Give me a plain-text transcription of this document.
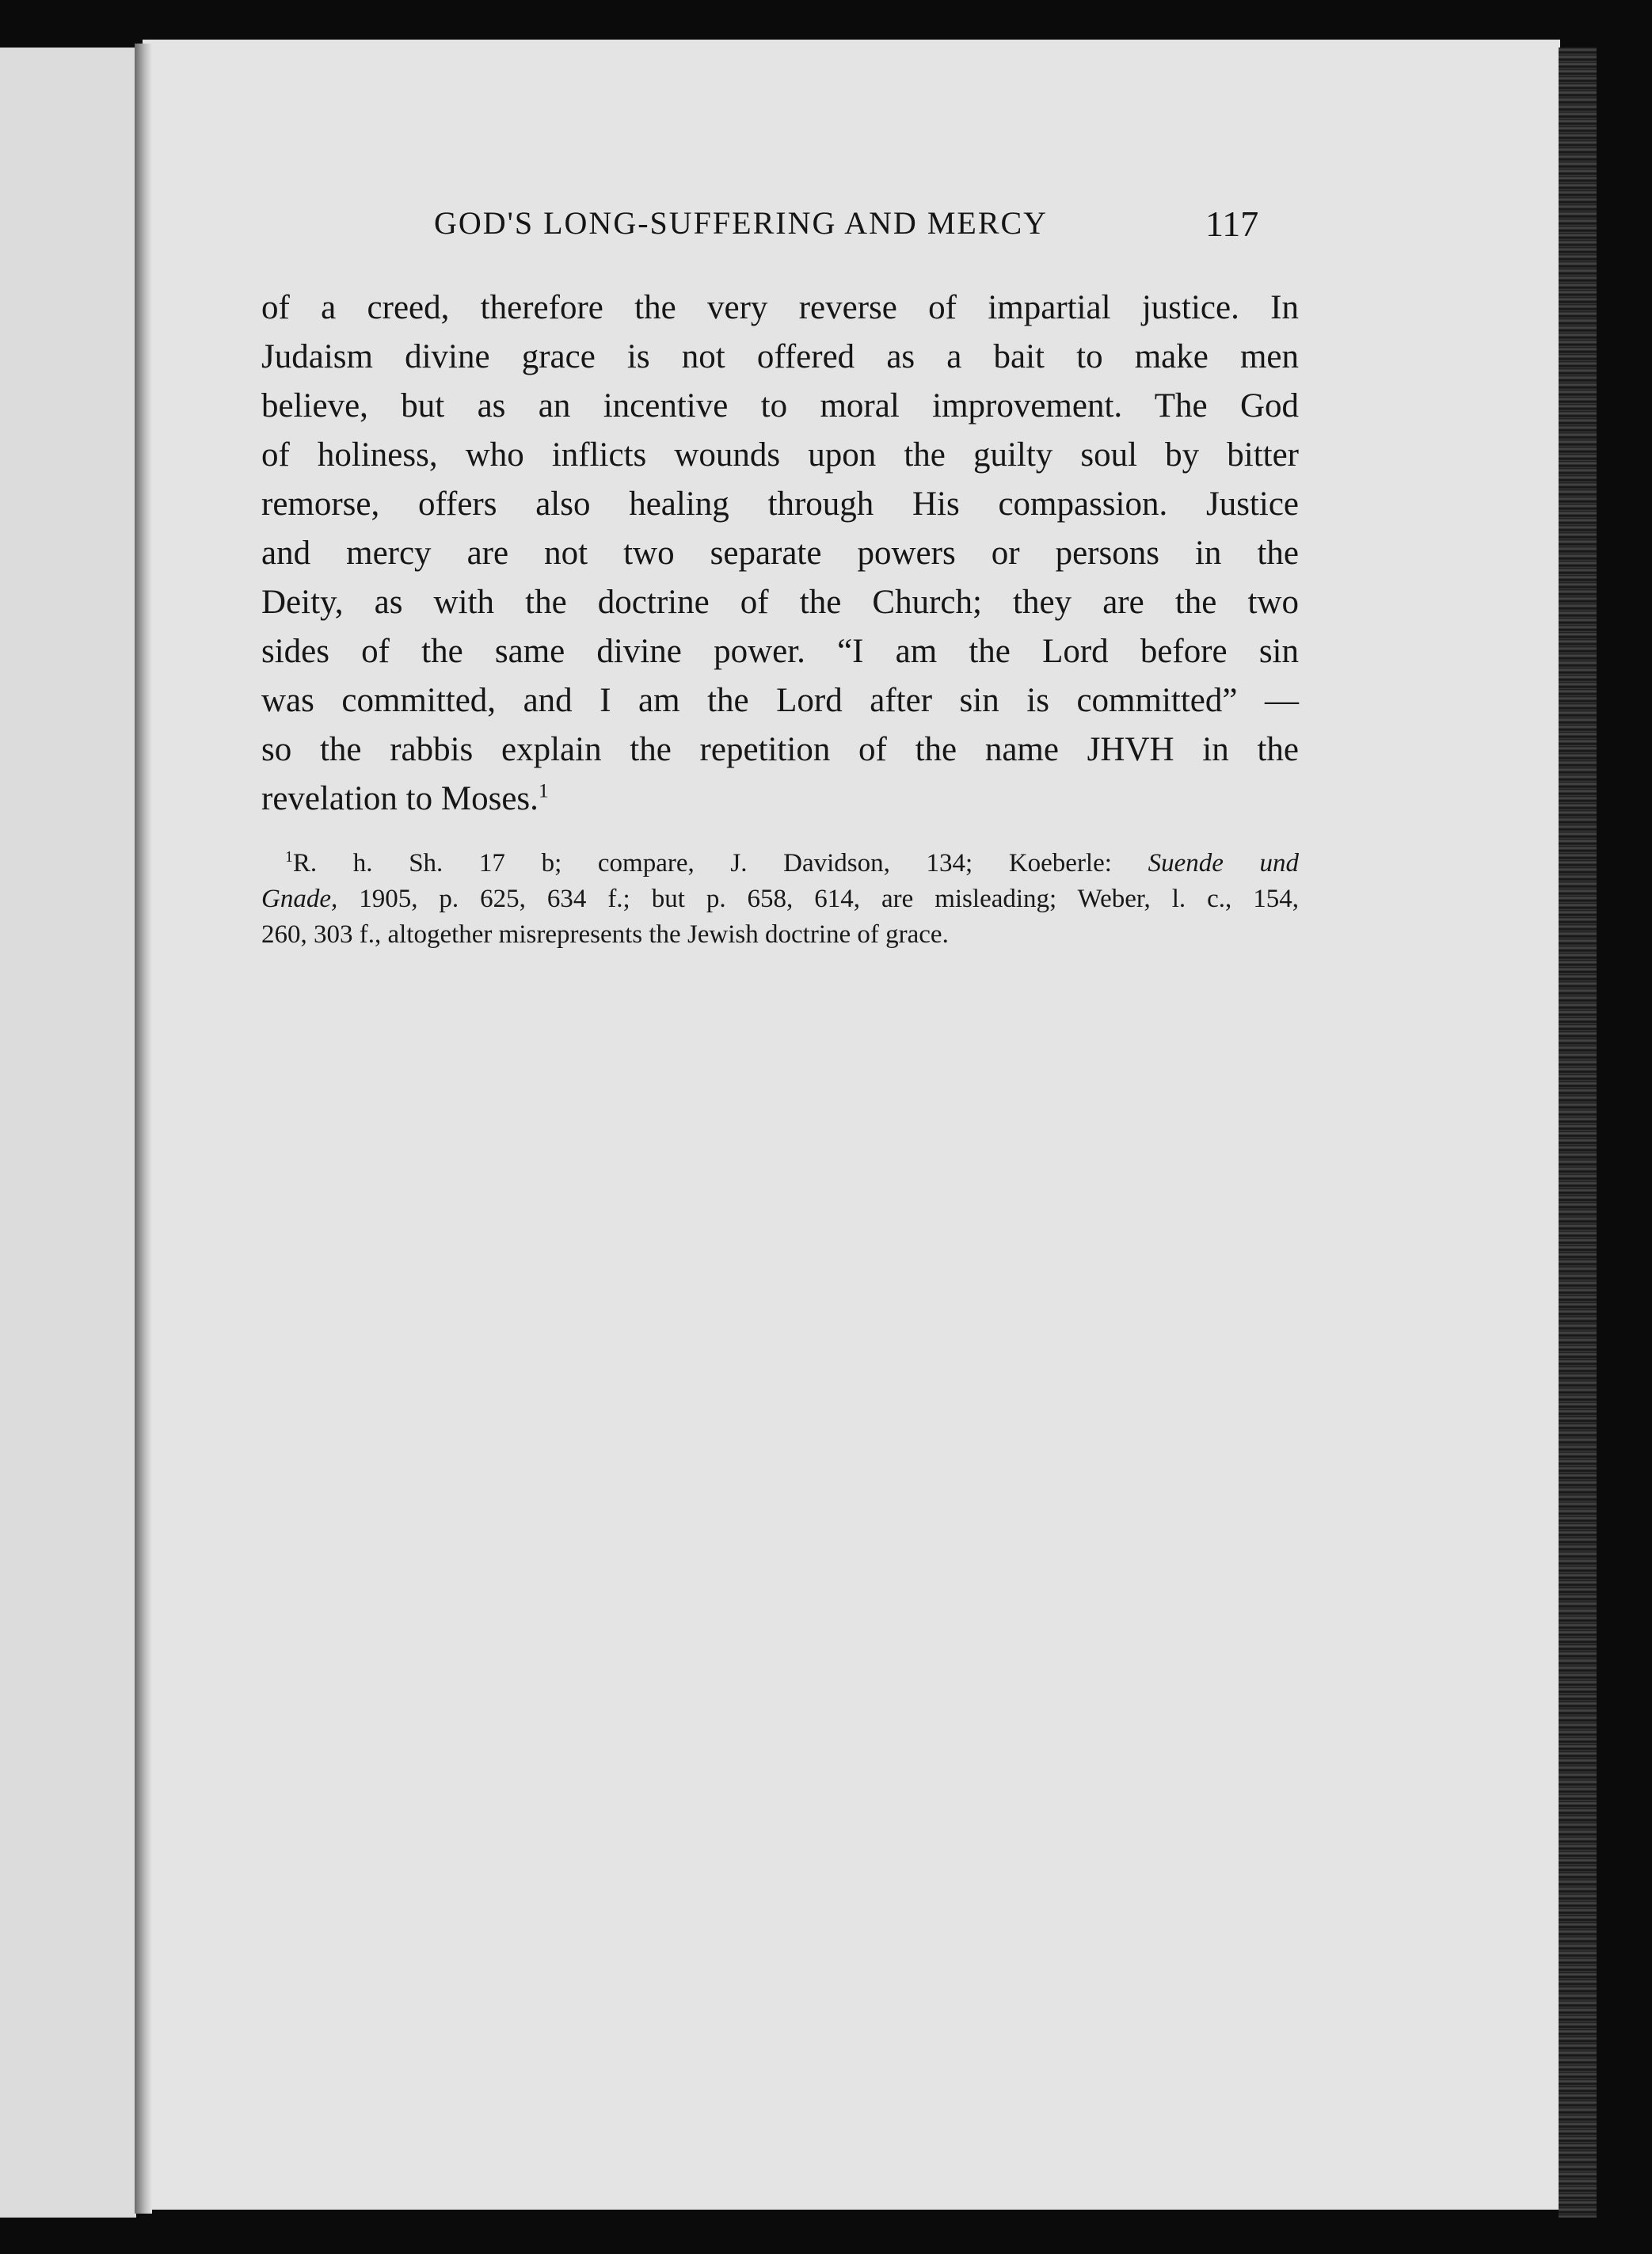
GOD'S LONG-SUFFERING AND MERCY	117
of a creed, therefore the very reverse of impartial justice. In
Judaism divine grace is not offered as a bait to make men
believe, but as an incentive to moral improvement. The God
of holiness, who inflicts wounds upon the guilty soul by bitter
remorse, offers also healing through His compassion. Justice
and mercy are not two separate powers or persons in the
Deity, as with the doctrine of the Church; they are the two
sides of the same divine power. “I am the Lord before sin
was committed, and I am the Lord after sin is committed” —
so the rabbis explain the repetition of the name JHVH in the
revelation to Moses.$^1$
$^1$R. h. Sh. 17 b; compare, J. Davidson, 134; Koeberle: Suende und
Gnade, 1905, p. 625, 634 f.; but p. 658, 614, are misleading; Weber, l. c., 154,
260, 303 f., altogether misrepresents the Jewish doctrine of grace.
